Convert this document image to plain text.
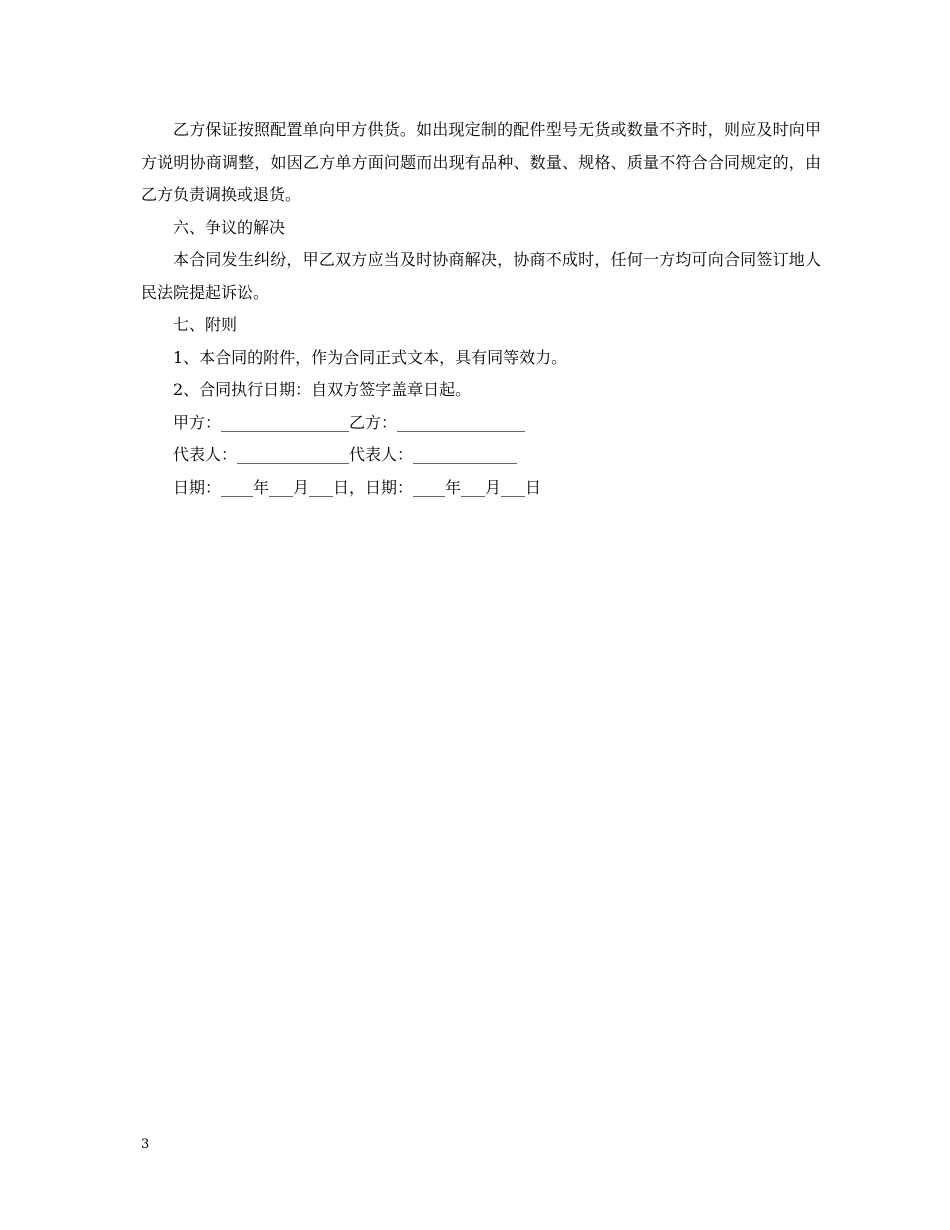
乙方保证按照配置单向甲方供货。如出现定制的配件型号无货或数量不齐时，则应及时向甲方说明协商调整，如因乙方单方面问题而出现有品种、数量、规格、质量不符合合同规定的，由乙方负责调换或退货。

六、争议的解决

本合同发生纠纷，甲乙双方应当及时协商解决，协商不成时，任何一方均可向合同签订地人民法院提起诉讼。

七、附则

1、本合同的附件，作为合同正式文本，具有同等效力。

2、合同执行日期：自双方签字盖章日起。

甲方：________________乙方：________________

代表人：______________代表人：_____________

日期：____年___月___日，日期：____年___月___日

3
